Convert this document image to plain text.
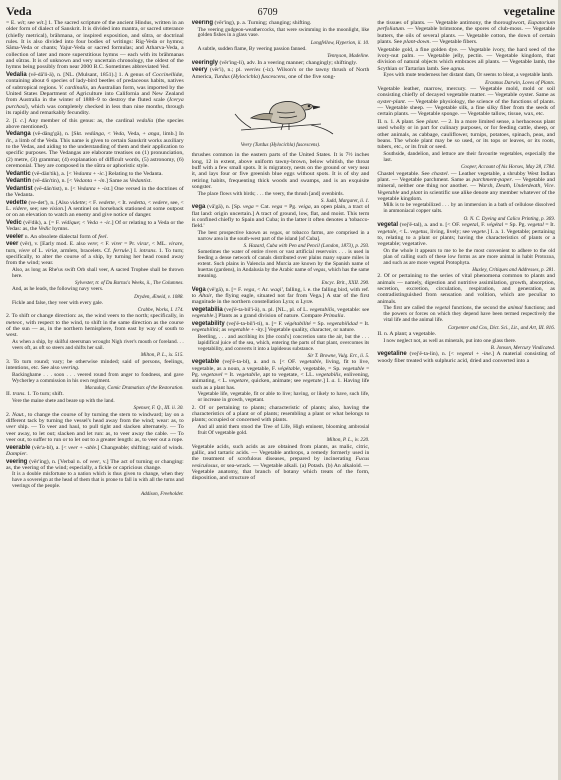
Veda	6709	vegetaline
= E. wit; see wit.] 1. The sacred scripture of the ancient Hindus, written in an older form of dialect of Sanskrit. It is divided into mantra, or sacred utterance (chiefly metrical), brâhmana, or inspired exposition, and sûtra, or doctrinal rules. It is also divided into four bodies of writings: Rig-Veda or hymns; Sâma-Veda or chants; Yajur-Veda or sacred formulas; and Atharva-Veda, a collection of later and more superstitious hymns — each with its brâhmanas and sûtras. It is of unknown and very uncertain chronology, the oldest of the hymns being possibly from near 2000 B.C. Sometimes abbreviated Ved.
Vedalia (vē-dā'li-ä), n. [NL. (Mulsant, 1851).] 1. A genus of Coccinellidæ, containing about 6 species of lady-bird beetles of predaceous habits, natives of subtropical regions. V. cardinalis, an Australian form, was imported by the United States Department of Agriculture into California and New Zealand from Australia in the winter of 1888–9 to destroy the fluted scale (Icerya purchasi), which was completely checked in less than nine months, through its rapidly and remarkably fecundity.
2. [l. c.] Any member of this genus: as, the cardinal vedalia (the species above mentioned).
Vedanga (vē-däng'gä), n. [Skt. vedânga, < Veda, Veda, + anga, limb.] In lit., a limb of the Veda. This name is given to certain Sanskrit works auxiliary to the Vedas, and aiding to the understanding of them and their application to specific purposes. The Vedangas are elaborate treatises on (1) pronunciation, (2) metre, (3) grammar, (4) explanation of difficult words, (5) astronomy, (6) ceremonial. They are composed in the sûtra or aphoristic style.
Vedantic (vē-dän'tik), a. [< Vedanta + -ic.] Relating to the Vedanta.
Vedantin (vē-dän'tin), n. [< Vedanta + -in.] Same as Vedantist.
Vedantist (vē-dän'tist), n. [< Vedanta + -ist.] One versed in the doctrines of the Vedanta.
vedette (ve-det'), n. [Also vidette; < F. vedette, < It. vedetta, < vedere, see, < L. videre, see; see vision.] A sentinel on horseback stationed at some outpost or on an elevation to watch an enemy and give notice of danger.
Vedic (vē'dik), a. [= F. védique; < Veda + -ic.] Of or relating to a Veda or the Vedas: as, the Vedic hymns.
veeler n. An obsolete dialectal form of feel.
veer (vēr), v. [Early mod. E. also vere; < F. virer = Pr. virar, < ML. virare, turn, viere of L. viriæ, armlets, bracelets. Cf. ferrule.] I. intrans. 1. To turn; specifically, to alter the course of a ship, by turning her head round away from the wind; wear.
Also, as long as Rhe'us swift Orb shall veer, A sacred Trophee shall be thrown here.
Sylvester, tr. of Du Bartas's Weeks, ii., The Columnes.
And, as he leads, the following navy veers.
Dryden, Æneid, v. 1088.
Fickle and false, they veer with every gale.
Crabbe, Works, I. 174.
2. To shift or change direction: as, the wind veers to the north; specifically, in meteor., with respect to the wind, to shift in the same direction as the course of the sun — as, in the northern hemisphere, from east by way of south to west.
As when a ship, by skilful steersman wrought Nigh river's mouth or foreland. . . veers oft, as oft so steers and shifts her sail.
Milton, P. L., ix. 515.
3. To turn round; vary; be otherwise minded; said of persons, feelings, intentions, etc. See also veering.
Backinghame . . . soon . . . veered round from anger to fondness, and gave Wycherley a commission in his own regiment.
Macaulay, Comic Dramatists of the Restoration.
II. trans. 1. To turn; shift.
Vere the maine shete and beare up with the land.
Spenser, F. Q., III. ii. 30.
2. Naut., to change the course of by turning the stern to windward; lay on a different tack by turning the vessel's head away from the wind; wear: as, to veer ship. — To veer and haul, to pull tight and slacken alternately. — To veer away, to let out; slacken and let run: as, to veer away the cable. — To veer out, to suffer to run or to let out to a greater length: as, to veer out a rope.
veerable (vēr'a-bl), a. [< veer + -able.] Changeable; shifting; said of winds. Dampier.
veering (vēr'ing), n. [Verbal n. of veer, v.] The act of turning or changing: as, the veering of the wind; especially, a fickle or capricious change.
It is a double misfortune to a nation which is thus given to change, when they have a sovereign at the head of them that is prone to fall in with all the turns and veerings of the people.
Addison, Freeholder.
veering (vēr'ing), p. a. Turning; changing; shifting.
The veering gudgeon-weathercocks, that were swimming in the moonlight, like golden fishes in a glass vase.
Longfellow, Hyperion, ii. 10.
A subtle, sudden flame, By veering passion fanned.
Tennyson, Madeline.
veeringly (vēr'ing-li), adv. In a veering manner; changingly; shiftingly.
veery (vēr'i), n.; pl. veeries (-iz). Wilson's or the tawny thrush of North America, Turdus (Hylocichla) fuscescens, one of the five song-
Veery (Turdus (Hylocichla) fuscescens).
thrushes common in the eastern parts of the United States. It is 7½ inches long, 12 in extent, above uniform tawny-brown, below whitish, the throat buff with a few small spots. It is migratory, nests on the ground or very near it, and lays four or five greenish blue eggs without spots. It is of shy and retiring habits, frequenting thick woods and swamps, and is an exquisite songster.
The place flows with birds; . . . the veery, the thrush [and] ovenbirds.
S. Judd, Margaret, ii. 1.
vega (vā'gä), n. [Sp. vega = Cat. vega = Pg. veiga, an open plain, a tract of flat land: origin uncertain.] A tract of ground, low, flat, and moist. This term is confined chiefly to Spain and Cuba; in the latter it often denotes a 'tobacco-field.'
The best prospective known as vegas, or tobacco farms, are comprised in a narrow area in the south-west part of the island [of Cuba].
S. Hazard, Cuba with Pen and Pencil (London, 1873), p. 293.
Sometimes the water of entire rivers or vast artificial reservoirs . . . is used in feeding a dense network of canals distributed over plains many square miles in extent. Such plains in Valencia and Murcia are known by the Spanish name of huertas (gardens), in Andalusia by the Arabic name of vegas, which has the same meaning.
Encyc. Brit., XXII. 290.
Vega (vē'gä), n. [= F. vega, < Ar. waqi', falling, i. e. the falling bird, with ref. to Altair, the flying eagle, situated not far from Vega.] A star of the first magnitude in the northern constellation Lyra; α Lyræ.
vegetabilia (vej'ē-ta-bil'i-ä), n. pl. [NL., pl. of L. vegetabilis, vegetable: see vegetable.] Plants as a grand division of nature. Compare Primalia.
vegetability (vej'ē-ta-bil'i-ti), n. [= F. végétabilité = Sp. vegetabilidad = It. vegetabilità; as vegetable + -ity.] Vegetable quality, character, or nature.
Beetling, . . . and ascribing its [the coral's] concretion unto the air, but the . . . lapidifical juice of the sea, which, entering the parts of that plant, overcomes its vegetability, and converts it into a lapideous substance.
Sir T. Browne, Vulg. Err., ii. 5.
vegetable (vej'ē-ta-bl), a. and n. [< OF. vegetable, living, fit to live, vegetable, as a noun, a vegetable, F. végétable, vegetable, = Sp. vegetable = Pg. vegetavel = It. vegetabile, apt to vegetate, < LL. vegetabilis, enlivening, animating, < L. vegetare, quicken, animate; see vegetate.] I. a. 1. Having life such as a plant has.
Vegetable life, vegetable, fit or able to live; having, or likely to have, such life, or increase in growth, vegetant.
2. Of or pertaining to plants; characteristic of plants; also, having the characteristics of a plant or of plants; resembling a plant or what belongs to plants; occupied or concerned with plants.
And all amid them stood the Tree of Life, High eminent, blooming ambrosial fruit Of vegetable gold.
Milton, P. L., iv. 220.
Vegetable acids, such acids as are obtained from plants, as malic, citric, gallic, and tartaric acids. — Vegetable anthrops, a remedy formerly used in the treatment of scrofulous diseases, prepared by incinerating Fucus vesiculosus, or sea-wrack. — Vegetable alkali. (a) Potash. (b) An alkaloid. — Vegetable anatomy, that branch of botany which treats of the form, disposition, and structure of
the tissues of plants. — Vegetable antimony, the thoroughwort, Eupatorium perfoliatum. — Vegetable brimstone, the spores of club-moss. — Vegetable butters, the oils of several plants. — Vegetable cotton, the down of certain plants. See plant-down. — Vegetable fibers.
Vegetable gold, a fine golden dye. — Vegetable ivory, the hard seed of the ivory-nut palm. — Vegetable jelly, pectin. — Vegetable kingdom, that division of natural objects which embraces all plants. — Vegetable lamb, the Scythian or Tartarian lamb. See agnus.
Eyes with mute tenderness her distant dam, Or seems to bleat, a vegetable lamb.
Erasmus Darwin, Loves of Plants.
Vegetable leather, marrow, mercury. — Vegetable mold, mold or soil consisting chiefly of decayed vegetable matter. — Vegetable oyster. Same as oyster-plant. — Vegetable physiology, the science of the functions of plants. — Vegetable sheep. — Vegetable silk, a fine silky fiber from the seeds of certain plants. — Vegetable sponge. — Vegetable tallow, tissue, wax, etc.
II. n. 1. A plant. See plant. — 2. In a more limited sense, a herbaceous plant used wholly or in part for culinary purposes, or for feeding cattle, sheep, or other animals, as cabbage, cauliflower, turnips, potatoes, spinach, peas, and beans. The whole plant may be so used, or its tops or leaves, or its roots, tubers, etc., or its fruit or seed.
Southside, dandelion, and lettuce are their favourite vegetables, especially the last.
Cooper, Account of his Horses, May 28, 1784.
Chastel vegetable. See chastel. — Leather vegetable, a shrubby West Indian plant. — Vegetable parchment. Same as parchment-paper. — Vegetable and mineral, neither one thing nor another. — Warsh, Death, Underdeath, Vice. Vegetable and plant in scientific use alike denote any member whatever of the vegetable kingdom.
Milk is to be vegetabilized . . . by an immersion in a bath of cellulose dissolved in ammoniacal copper salts.
O. N. C. Dyeing and Calico Printing, p. 369.
vegetal (vej'ē-tal), a. and n. [< OF. vegetal, F. végétal = Sp. Pg. vegetal = It. vegetale, < L. vegetus, living, lively; see vegete.] I. a. 1. Vegetable; pertaining to, relating to a plant or plants; having the characteristics of plants or a vegetable; vegetative.
On the whole it appears to me to be the most convenient to adhere to the old plan of calling such of these low forms as are more animal in habit Protozoa, and such as are more vegetal Protophyta.
Huxley, Critiques and Addresses, p. 281.
2. Of or pertaining to the series of vital phenomena common to plants and animals — namely, digestion and nutritive assimilation, growth, absorption, secretion, excretion, circulation, respiration, and generation, as contradistinguished from sensation and volition, which are peculiar to animals.
The first are called the vegetal functions, the second the animal functions; and the powers or forces on which they depend have been termed respectively the vital life and the animal life.
Carpenter and Cox, Dict. Sci., Lit., and Art, III. 816.
II. n. A plant; a vegetable.
I now neglect not, as well as minerals, put into one glass there.
B. Jonson, Mercury Vindicated.
vegetaline (vej'ē-ta-lin), n. [< vegetal + -ine.] A material consisting of woody fiber treated with sulphuric acid, dried and converted into a
